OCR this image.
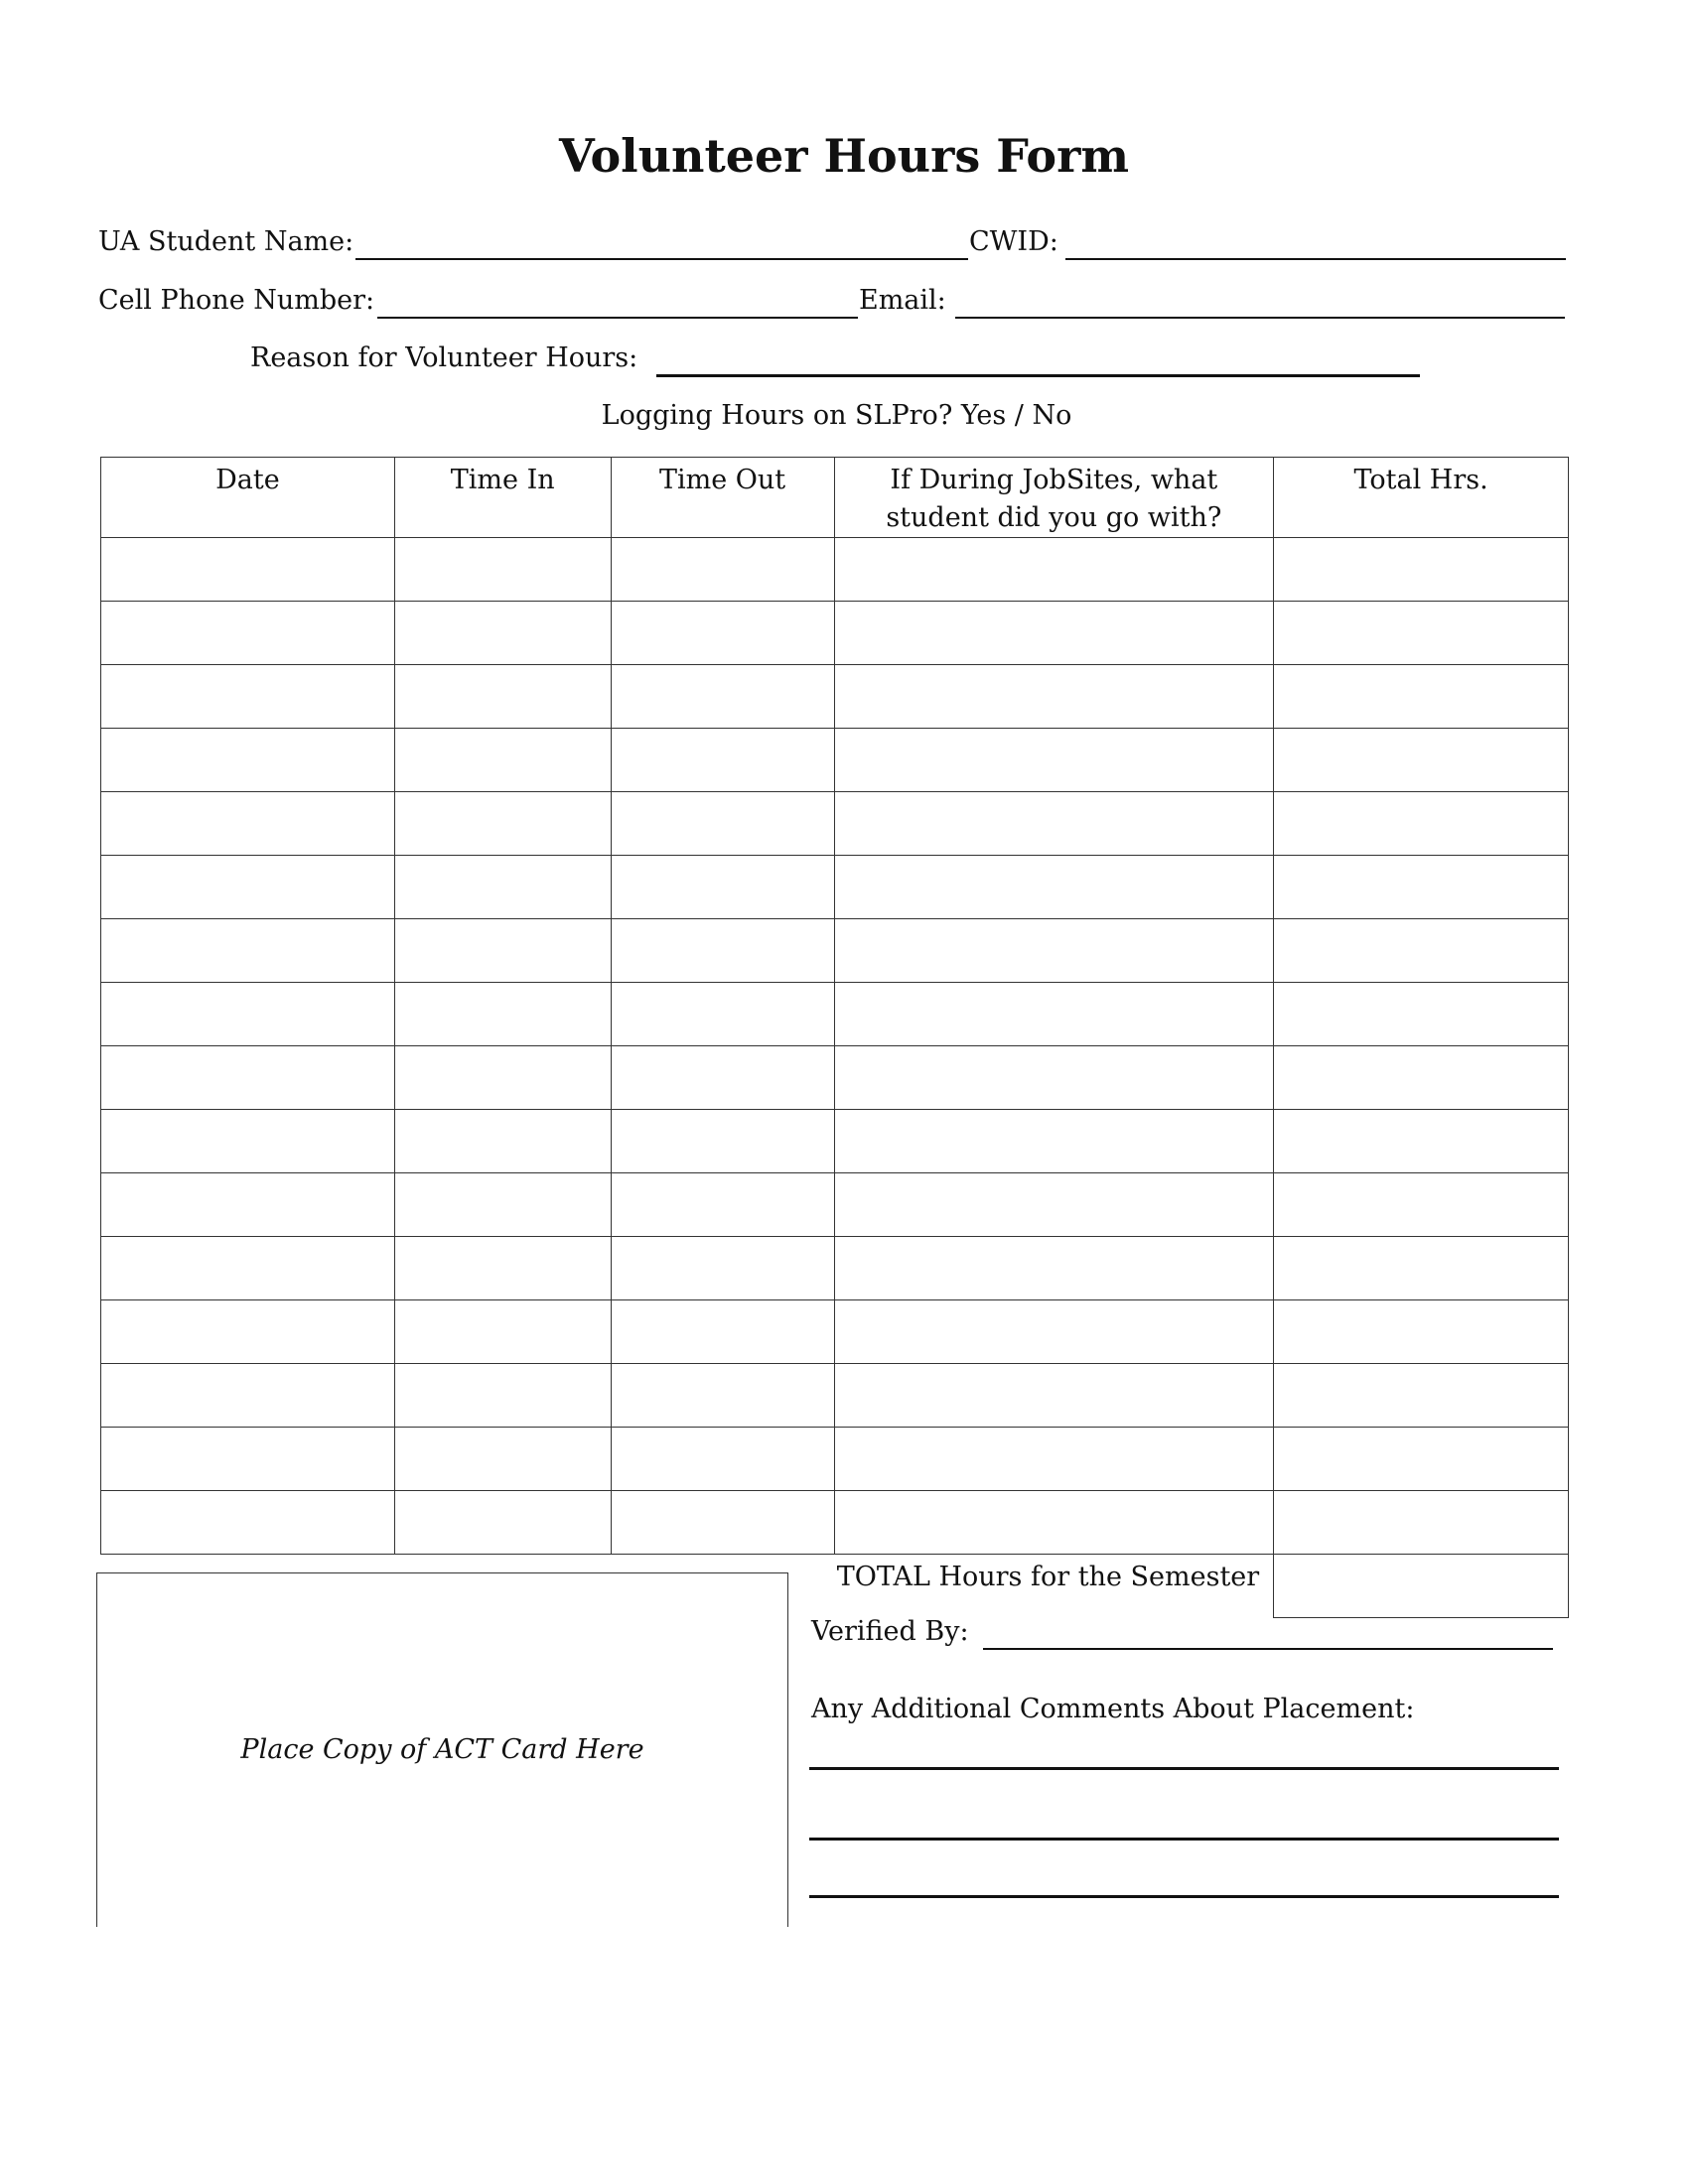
Volunteer Hours Form
UA Student Name:	CWID:
Cell Phone Number:	Email:
Reason for Volunteer Hours:
Logging Hours on SLPro? Yes / No
Date	Time In	Time Out	If During JobSites, what student did you go with?	Total Hrs.

TOTAL Hours for the Semester				
Place Copy of ACT Card Here
Verified By:
Any Additional Comments About Placement:
